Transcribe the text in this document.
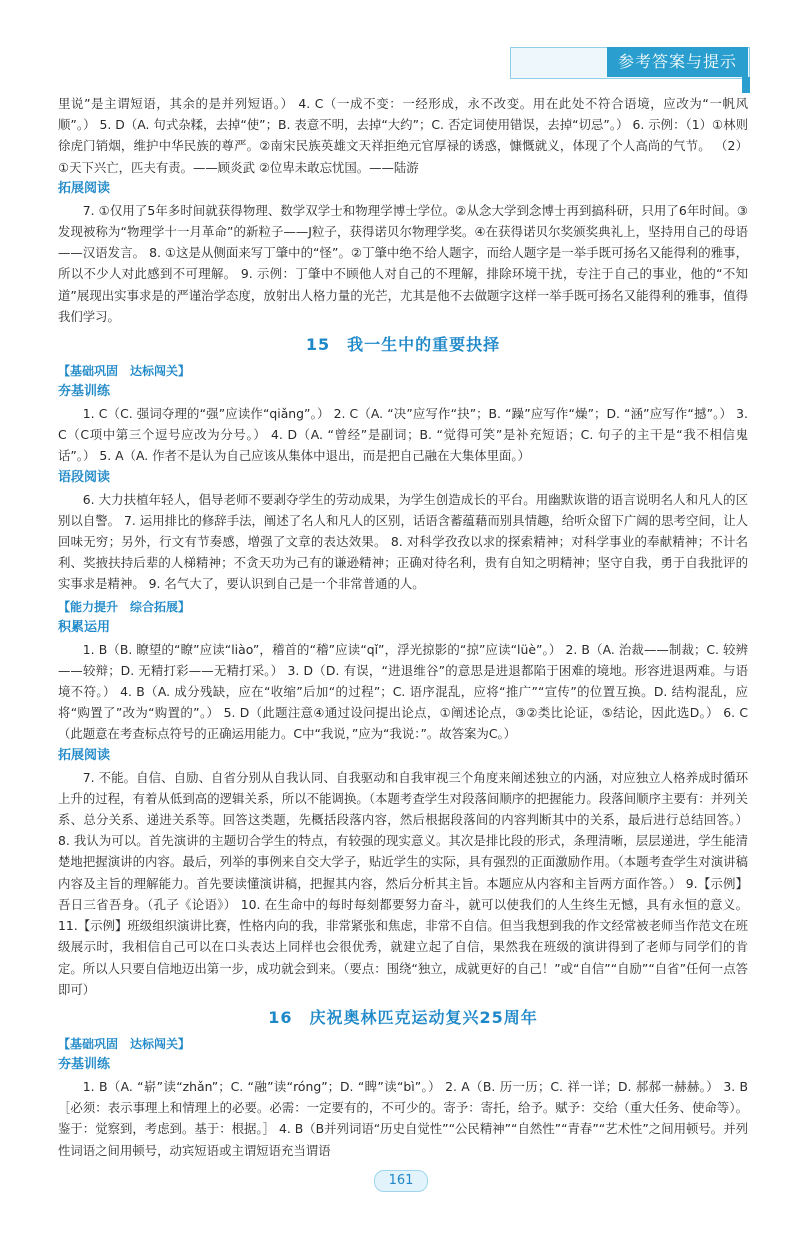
参考答案与提示

里说”是主谓短语，其余的是并列短语。） 4. C（一成不变：一经形成，永不改变。用在此处不符合语境，应改为“一帆风顺”。） 5. D（A. 句式杂糅，去掉“使”；B. 表意不明，去掉“大约”；C. 否定词使用错误，去掉“切忌”。） 6. 示例：（1）①林则徐虎门销烟，维护中华民族的尊严。②南宋民族英雄文天祥拒绝元官厚禄的诱惑，慷慨就义，体现了个人高尚的气节。 （2）①天下兴亡，匹夫有责。——顾炎武 ②位卑未敢忘忧国。——陆游

拓展阅读

7. ①仅用了5年多时间就获得物理、数学双学士和物理学博士学位。②从念大学到念博士再到搞科研，只用了6年时间。③发现被称为“物理学十一月革命”的新粒子——J粒子，获得诺贝尔物理学奖。④在获得诺贝尔奖颁奖典礼上，坚持用自己的母语——汉语发言。 8. ①这是从侧面来写丁肇中的“怪”。②丁肇中绝不给人题字，而给人题字是一举手既可扬名又能得利的雅事，所以不少人对此感到不可理解。 9. 示例：丁肇中不顾他人对自己的不理解，排除环境干扰，专注于自己的事业，他的“不知道”展现出实事求是的严谨治学态度，放射出人格力量的光芒，尤其是他不去做题字这样一举手既可扬名又能得利的雅事，值得我们学习。

15　我一生中的重要抉择
【基础巩固　达标闯关】
夯基训练

1. C（C. 强词夺理的“强”应读作“qiǎng”。） 2. C（A. “决”应写作“抉”；B. “躁”应写作“燥”；D. “涵”应写作“撼”。） 3. C（C项中第三个逗号应改为分号。） 4. D（A. “曾经”是副词；B. “觉得可笑”是补充短语；C. 句子的主干是“我不相信鬼话”。） 5. A（A. 作者不是认为自己应该从集体中退出，而是把自己融在大集体里面。）

语段阅读

6. 大力扶植年轻人，倡导老师不要剥夺学生的劳动成果，为学生创造成长的平台。用幽默诙谐的语言说明名人和凡人的区别以自警。 7. 运用排比的修辞手法，阐述了名人和凡人的区别，话语含蓄蕴藉而别具情趣，给听众留下广阔的思考空间，让人回味无穷；另外，行文有节奏感，增强了文章的表达效果。 8. 对科学孜孜以求的探索精神；对科学事业的奉献精神；不计名利、奖掖扶持后辈的人梯精神；不贪天功为己有的谦逊精神；正确对待名利，贵有自知之明精神；坚守自我，勇于自我批评的实事求是精神。 9. 名气大了，要认识到自己是一个非常普通的人。

【能力提升　综合拓展】
积累运用

1. B（B. 瞭望的“瞭”应读“liào”，稽首的“稽”应读“qǐ”，浮光掠影的“掠”应读“lüè”。） 2. B（A. 治裁——制裁；C. 较辨——较辩；D. 无精打彩——无精打采。） 3. D（D. 有误，“进退维谷”的意思是进退都陷于困难的境地。形容进退两难。与语境不符。） 4. B（A. 成分残缺，应在“收缩”后加“的过程”；C. 语序混乱，应将“推广”“宣传”的位置互换。D. 结构混乱，应将“购置了”改为“购置的”。） 5. D（此题注意④通过设问提出论点，①阐述论点，③②类比论证，⑤结论，因此选D。） 6. C（此题意在考查标点符号的正确运用能力。C中“我说，”应为“我说：”。故答案为C。）

拓展阅读

7. 不能。自信、自励、自省分别从自我认同、自我驱动和自我审视三个角度来阐述独立的内涵，对应独立人格养成时循环上升的过程，有着从低到高的逻辑关系，所以不能调换。（本题考查学生对段落间顺序的把握能力。段落间顺序主要有：并列关系、总分关系、递进关系等。回答这类题，先概括段落内容，然后根据段落间的内容判断其中的关系，最后进行总结回答。） 8. 我认为可以。首先演讲的主题切合学生的特点，有较强的现实意义。其次是排比段的形式，条理清晰，层层递进，学生能清楚地把握演讲的内容。最后，列举的事例来自交大学子，贴近学生的实际，具有强烈的正面激励作用。（本题考查学生对演讲稿内容及主旨的理解能力。首先要读懂演讲稿，把握其内容，然后分析其主旨。本题应从内容和主旨两方面作答。） 9.【示例】吾日三省吾身。（孔子《论语》） 10. 在生命中的每时每刻都要努力奋斗，就可以使我们的人生终生无憾，具有永恒的意义。 11.【示例】班级组织演讲比赛，性格内向的我，非常紧张和焦虑，非常不自信。但当我想到我的作文经常被老师当作范文在班级展示时，我相信自己可以在口头表达上同样也会很优秀，就建立起了自信，果然我在班级的演讲得到了老师与同学们的肯定。所以人只要自信地迈出第一步，成功就会到来。（要点：围绕“独立，成就更好的自己！”或“自信”“自励”“自省”任何一点答即可）

16　庆祝奥林匹克运动复兴25周年
【基础巩固　达标闯关】
夯基训练

1. B（A. “崭”读“zhǎn”；C. “融”读“róng”；D. “睥”读“bì”。） 2. A（B. 历一历；C. 祥一详；D. 郝郝一赫赫。） 3. B［必须：表示事理上和情理上的必要。必需：一定要有的，不可少的。寄予：寄托，给予。赋予：交给（重大任务、使命等）。鉴于：觉察到，考虑到。基于：根据。］ 4. B（B并列词语“历史自觉性”“公民精神”“自然性”“青春”“艺术性”之间用顿号。并列性词语之间用顿号，动宾短语或主谓短语充当谓语

161
